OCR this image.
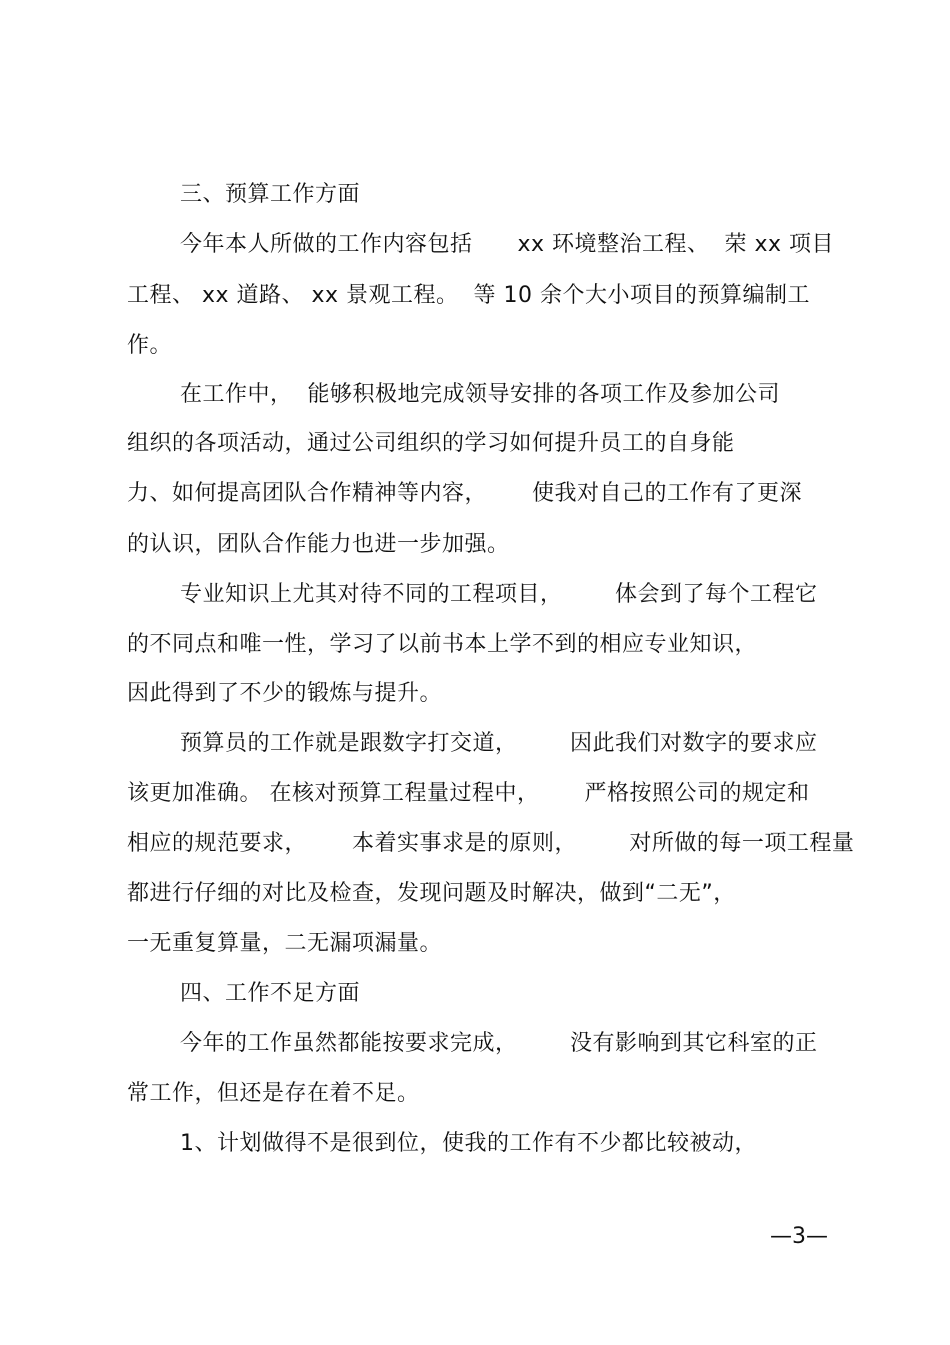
三、预算工作方面
今年本人所做的工作内容包括      xx 环境整治工程、  荣 xx 项目
工程、 xx 道路、 xx 景观工程。  等 10 余个大小项目的预算编制工
作。
在工作中，  能够积极地完成领导安排的各项工作及参加公司
组织的各项活动，通过公司组织的学习如何提升员工的自身能
力、如何提高团队合作精神等内容，      使我对自己的工作有了更深
的认识，团队合作能力也进一步加强。
专业知识上尤其对待不同的工程项目，       体会到了每个工程它
的不同点和唯一性，学习了以前书本上学不到的相应专业知识，
因此得到了不少的锻炼与提升。
预算员的工作就是跟数字打交道，       因此我们对数字的要求应
该更加准确。 在核对预算工程量过程中，      严格按照公司的规定和
相应的规范要求，      本着实事求是的原则，       对所做的每一项工程量
都进行仔细的对比及检查，发现问题及时解决，做到“二无”，
一无重复算量，二无漏项漏量。
四、工作不足方面
今年的工作虽然都能按要求完成，       没有影响到其它科室的正
常工作，但还是存在着不足。
1、计划做得不是很到位，使我的工作有不少都比较被动，
—3—
